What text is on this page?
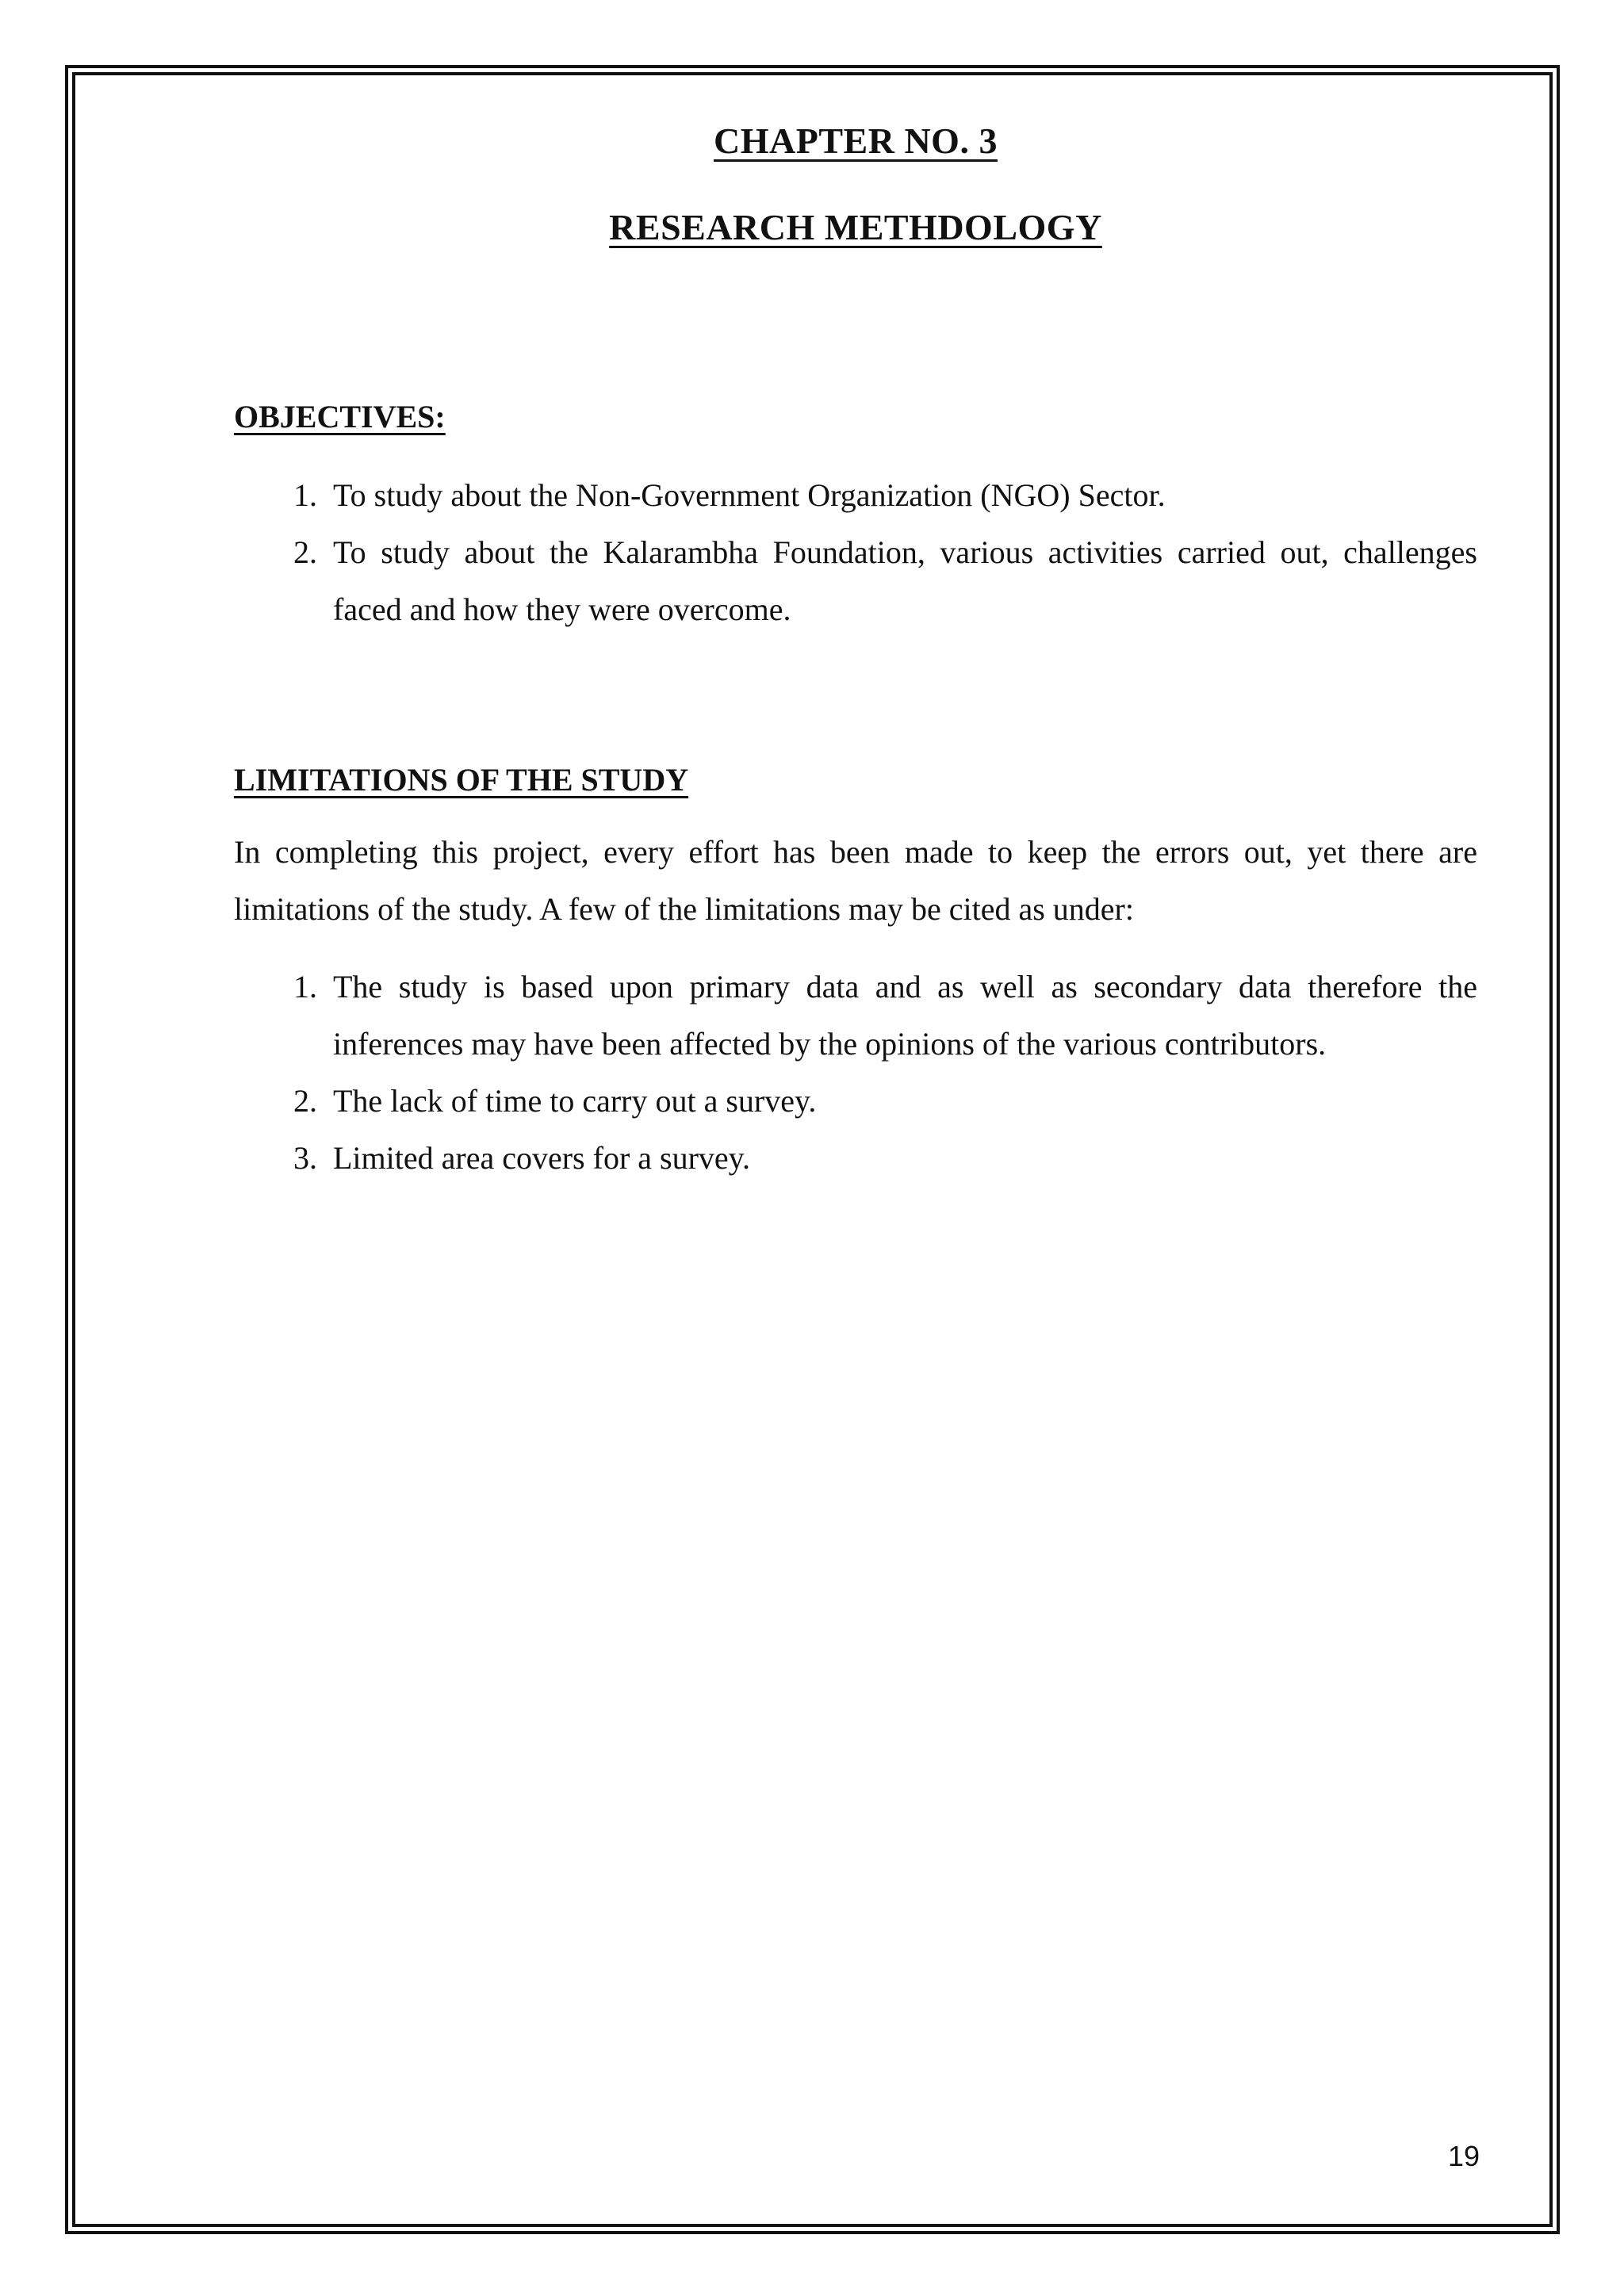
CHAPTER NO. 3
RESEARCH METHDOLOGY
OBJECTIVES:
1. To study about the Non-Government Organization (NGO) Sector.
2. To study about the Kalarambha Foundation, various activities carried out, challenges faced and how they were overcome.
LIMITATIONS OF THE STUDY

In completing this project, every effort has been made to keep the errors out, yet there are limitations of the study. A few of the limitations may be cited as under:

1. The study is based upon primary data and as well as secondary data therefore the inferences may have been affected by the opinions of the various contributors.
2. The lack of time to carry out a survey.
3. Limited area covers for a survey.
19
